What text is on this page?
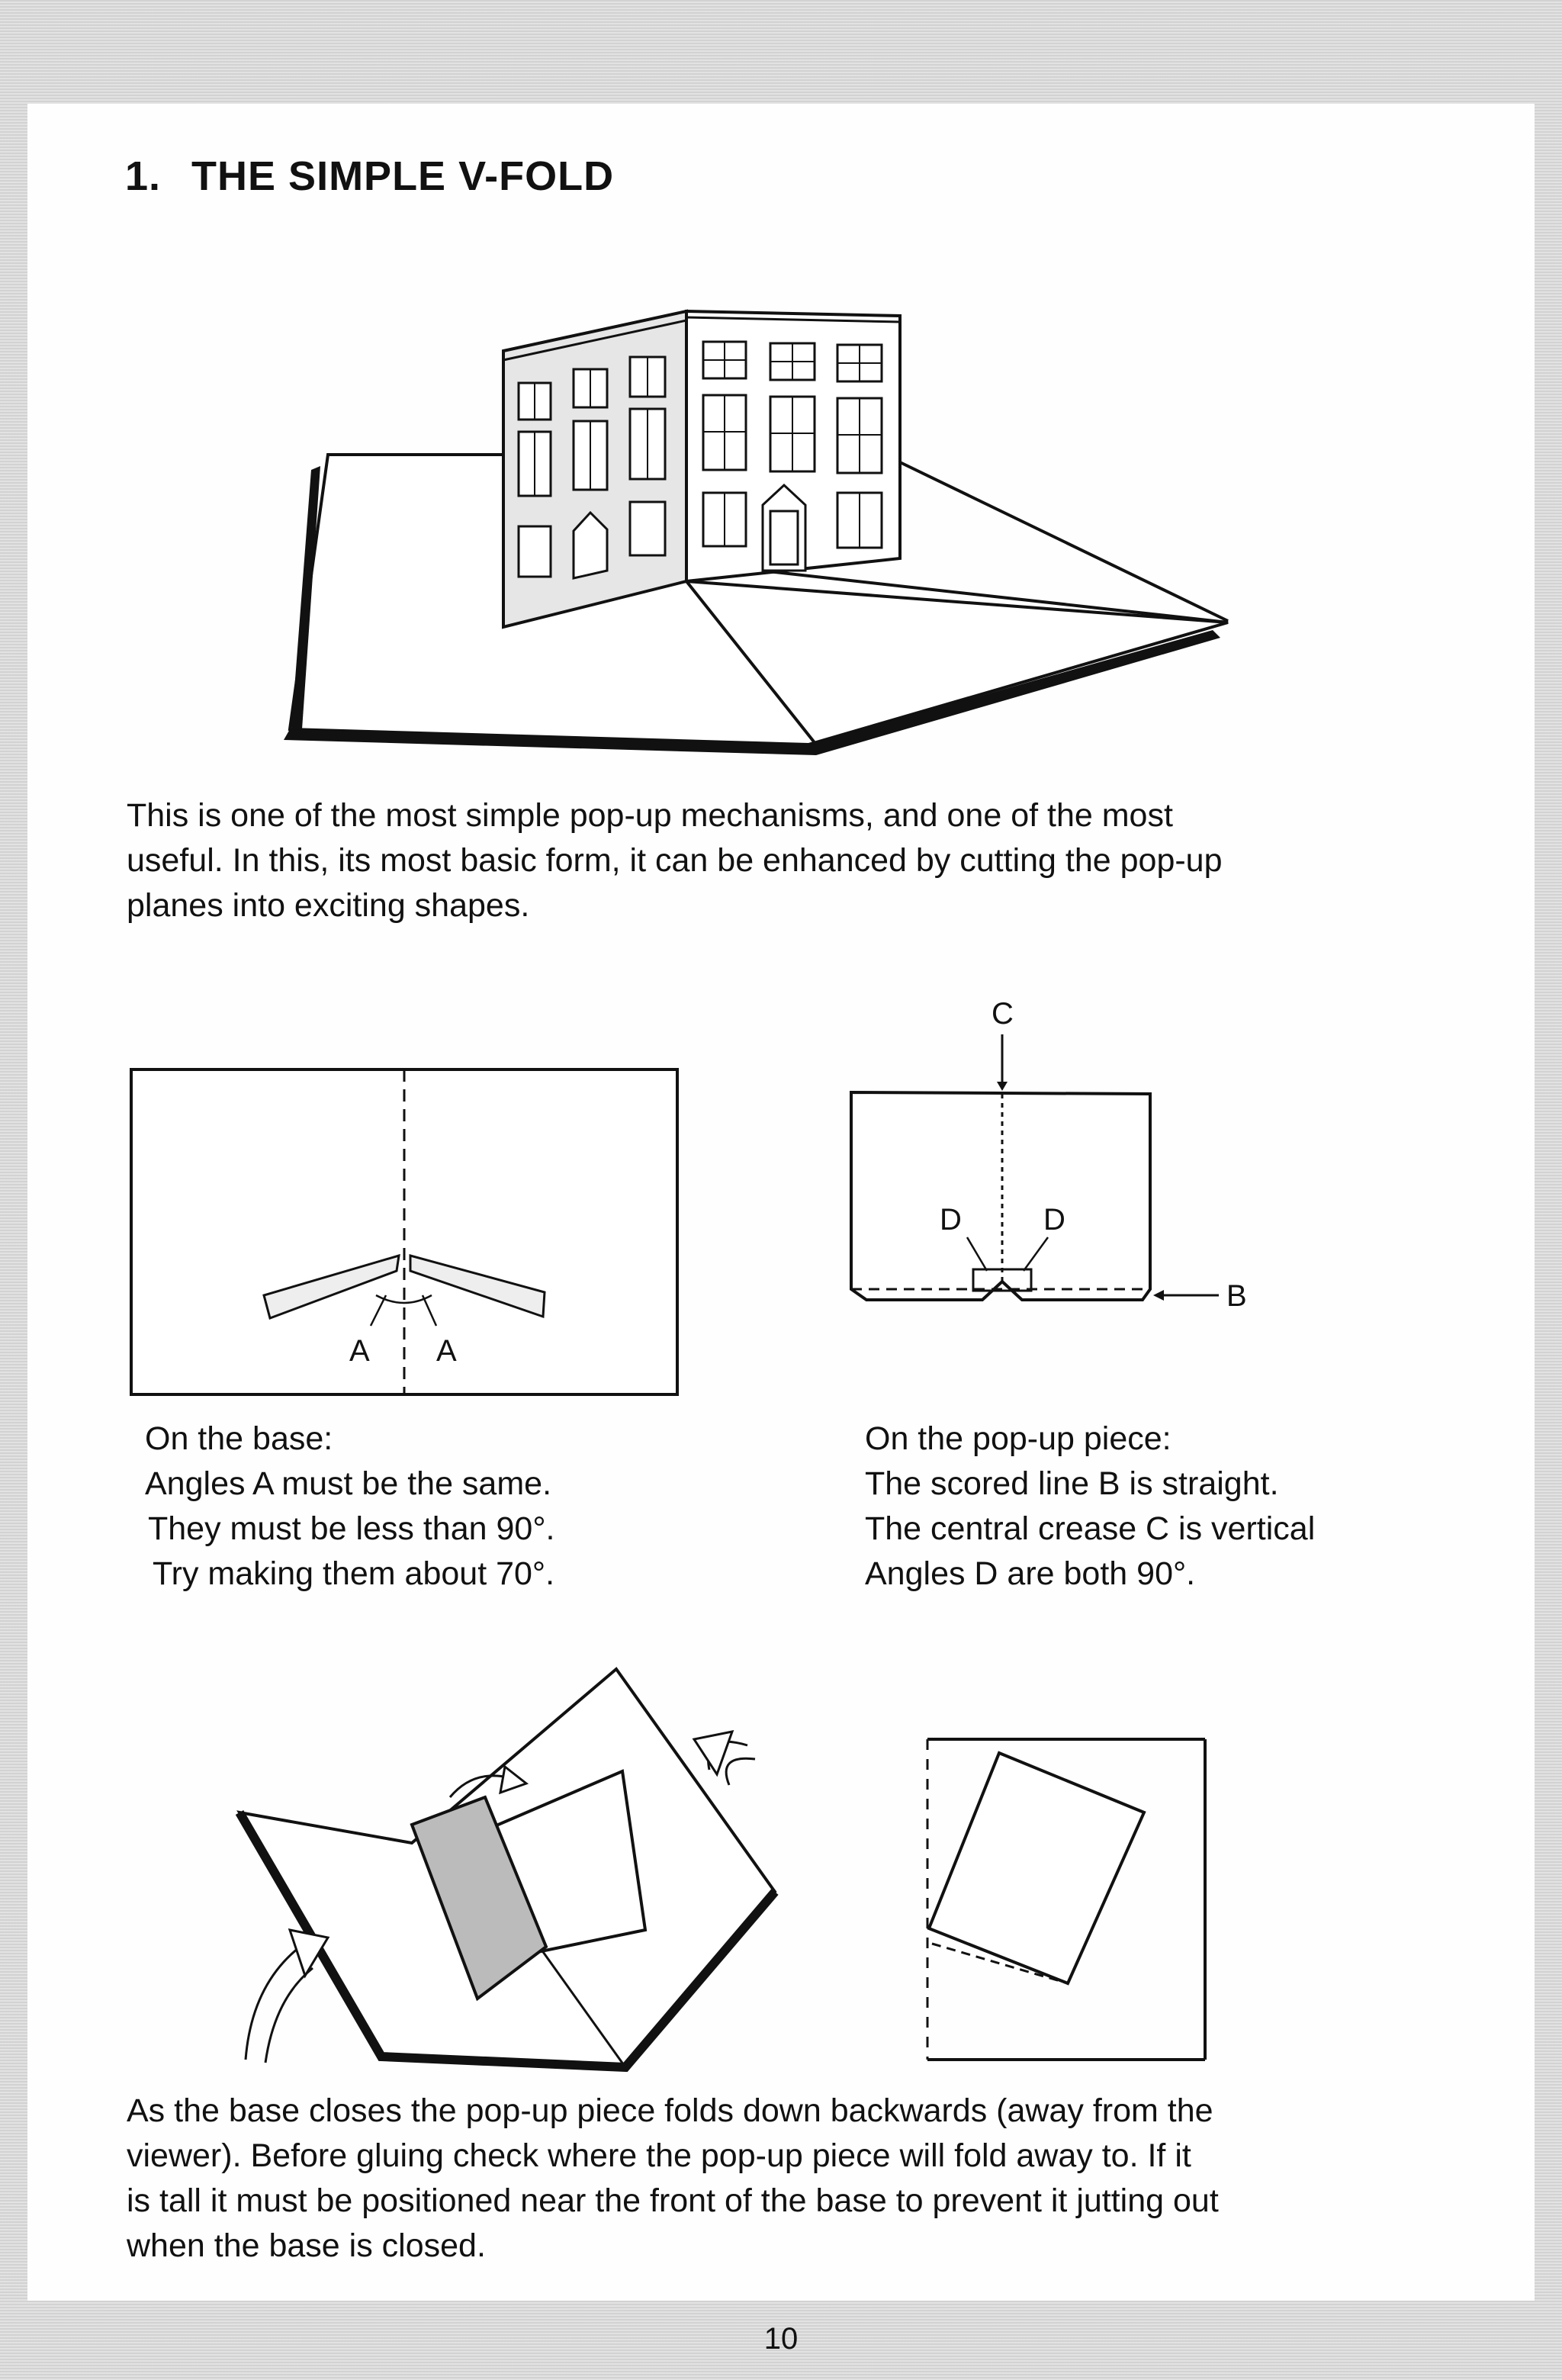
1. THE SIMPLE V-FOLD

This is one of the most simple pop-up mechanisms, and one of the most
useful. In this, its most basic form, it can be enhanced by cutting the pop-up
planes into exciting shapes.

A A
C
D	D
B

On the base:
Angles A must be the same.
They must be less than 90°.
Try making them about 70°.

On the pop-up piece:
The scored line B is straight.
The central crease C is vertical
Angles D are both 90°.

As the base closes the pop-up piece folds down backwards (away from the
viewer). Before gluing check where the pop-up piece will fold away to. If it
is tall it must be positioned near the front of the base to prevent it jutting out
when the base is closed.

10
